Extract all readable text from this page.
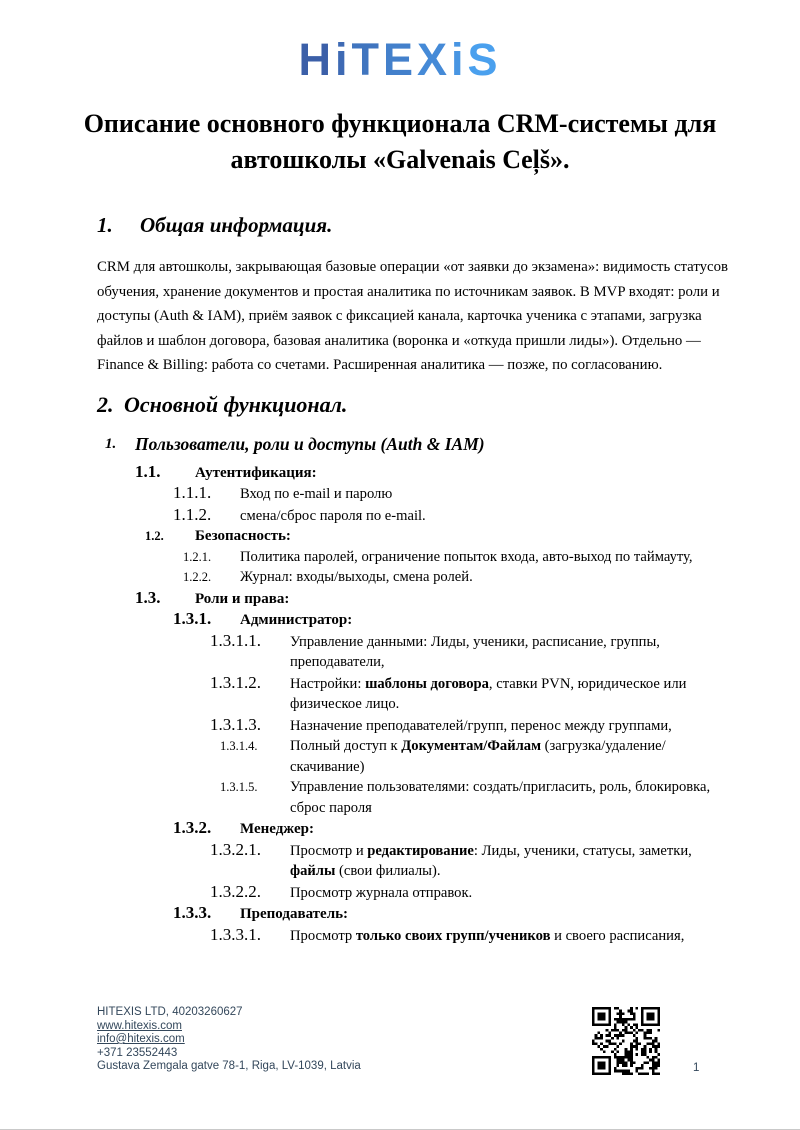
HiTEXiS
Описание основного функционала CRM-системы для автошколы «Galvenais Ceļš».
1.	Общая информация.
CRM для автошколы, закрывающая базовые операции «от заявки до экзамена»: видимость статусов обучения, хранение документов и простая аналитика по источникам заявок. В MVP входят: роли и доступы (Auth & IAM), приём заявок с фиксацией канала, карточка ученика с этапами, загрузка файлов и шаблон договора, базовая аналитика (воронка и «откуда пришли лиды»). Отдельно — Finance & Billing: работа со счетами. Расширенная аналитика — позже, по согласованию.
2. Основной функционал.
1.	Пользователи, роли и доступы (Auth & IAM)
1.1.	Аутентификация:
1.1.1.	Вход по e-mail и паролю
1.1.2.	смена/сброс пароля по e-mail.
1.2.	Безопасность:
1.2.1.	Политика паролей, ограничение попыток входа, авто-выход по таймауту,
1.2.2.	Журнал: входы/выходы, смена ролей.
1.3.	Роли и права:
1.3.1.	Администратор:
1.3.1.1.	Управление данными: Лиды, ученики, расписание, группы, преподаватели,
1.3.1.2.	Настройки: шаблоны договора, ставки PVN, юридическое или физическое лицо.
1.3.1.3.	Назначение преподавателей/групп, перенос между группами,
1.3.1.4.	Полный доступ к Документам/Файлам (загрузка/удаление/скачивание)
1.3.1.5.	Управление пользователями: создать/пригласить, роль, блокировка, сброс пароля
1.3.2.	Менеджер:
1.3.2.1.	Просмотр и редактирование: Лиды, ученики, статусы, заметки, файлы (свои филиалы).
1.3.2.2.	Просмотр журнала отправок.
1.3.3.	Преподаватель:
1.3.3.1.	Просмотр только своих групп/учеников и своего расписания,
HITEXIS LTD, 40203260627
www.hitexis.com
info@hitexis.com
+371 23552443
Gustava Zemgala gatve 78-1, Riga, LV-1039, Latvia	1
